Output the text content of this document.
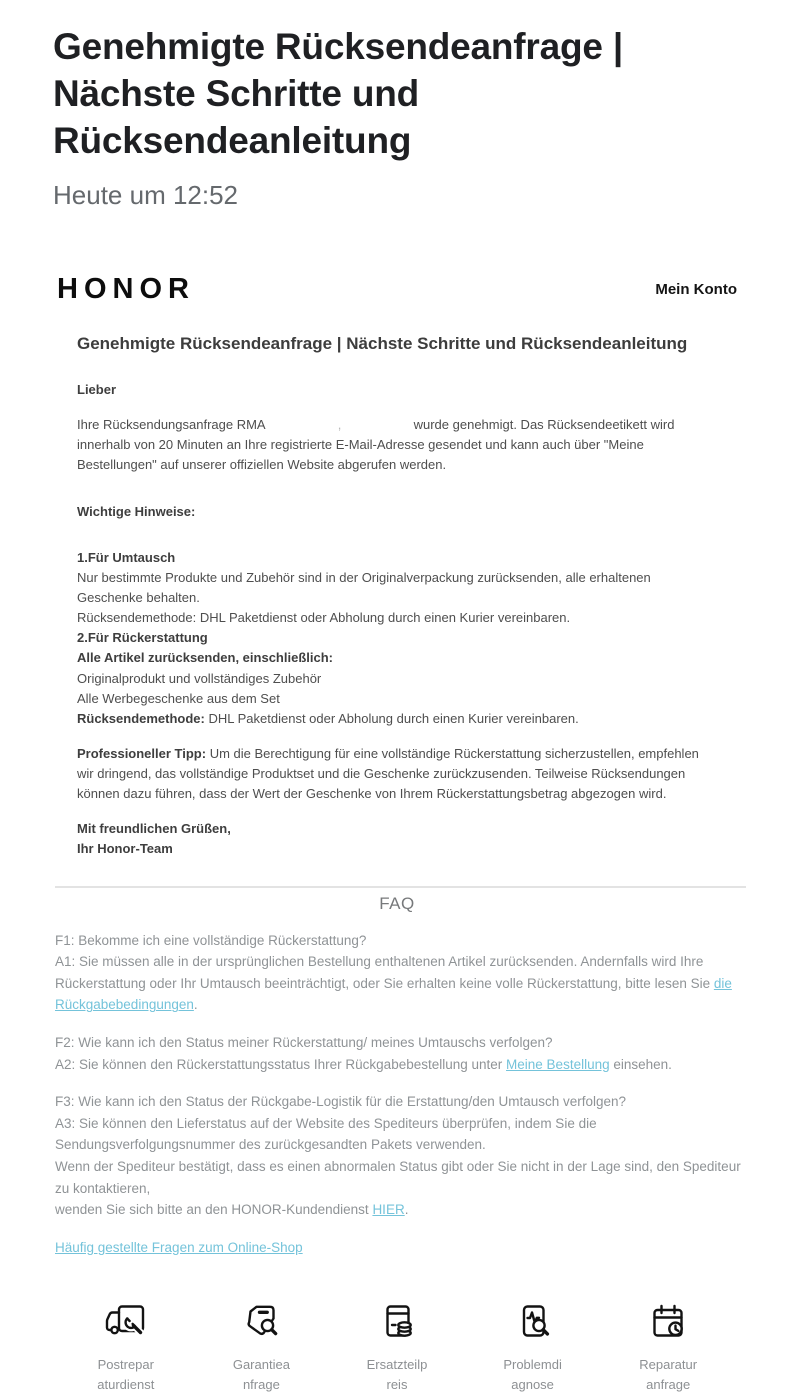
Genehmigte Rücksendeanfrage | Nächste Schritte und Rücksendeanleitung
Heute um 12:52
HONOR	Mein Konto
Genehmigte Rücksendeanfrage | Nächste Schritte und Rücksendeanleitung

Lieber

Ihre Rücksendungsanfrage RMA	,	wurde genehmigt. Das Rücksendeetikett wird innerhalb von 20 Minuten an Ihre registrierte E-Mail-Adresse gesendet und kann auch über "Meine Bestellungen" auf unserer offiziellen Website abgerufen werden.

Wichtige Hinweise:

1.Für Umtausch
Nur bestimmte Produkte und Zubehör sind in der Originalverpackung zurücksenden, alle erhaltenen Geschenke behalten.
Rücksendemethode: DHL Paketdienst oder Abholung durch einen Kurier vereinbaren.
2.Für Rückerstattung
Alle Artikel zurücksenden, einschließlich:
Originalprodukt und vollständiges Zubehör
Alle Werbegeschenke aus dem Set
Rücksendemethode: DHL Paketdienst oder Abholung durch einen Kurier vereinbaren.

Professioneller Tipp: Um die Berechtigung für eine vollständige Rückerstattung sicherzustellen, empfehlen wir dringend, das vollständige Produktset und die Geschenke zurückzusenden. Teilweise Rücksendungen können dazu führen, dass der Wert der Geschenke von Ihrem Rückerstattungsbetrag abgezogen wird.

Mit freundlichen Grüßen,
Ihr Honor-Team
FAQ

F1: Bekomme ich eine vollständige Rückerstattung?

A1: Sie müssen alle in der ursprünglichen Bestellung enthaltenen Artikel zurücksenden. Andernfalls wird Ihre Rückerstattung oder Ihr Umtausch beeinträchtigt, oder Sie erhalten keine volle Rückerstattung, bitte lesen Sie die Rückgabebedingungen.

F2: Wie kann ich den Status meiner Rückerstattung/ meines Umtauschs verfolgen?

A2: Sie können den Rückerstattungsstatus Ihrer Rückgabebestellung unter Meine Bestellung einsehen.

F3: Wie kann ich den Status der Rückgabe-Logistik für die Erstattung/den Umtausch verfolgen?

A3: Sie können den Lieferstatus auf der Website des Spediteurs überprüfen, indem Sie die Sendungsverfolgungsnummer des zurückgesandten Pakets verwenden.

Wenn der Spediteur bestätigt, dass es einen abnormalen Status gibt oder Sie nicht in der Lage sind, den Spediteur zu kontaktieren,
wenden Sie sich bitte an den HONOR-Kundendienst HIER.

Häufig gestellte Fragen zum Online-Shop

Postrepar
aturdienst
Garantiea
nfrage
Ersatzteilp
reis
Problemdi
agnose
Reparatur
anfrage
